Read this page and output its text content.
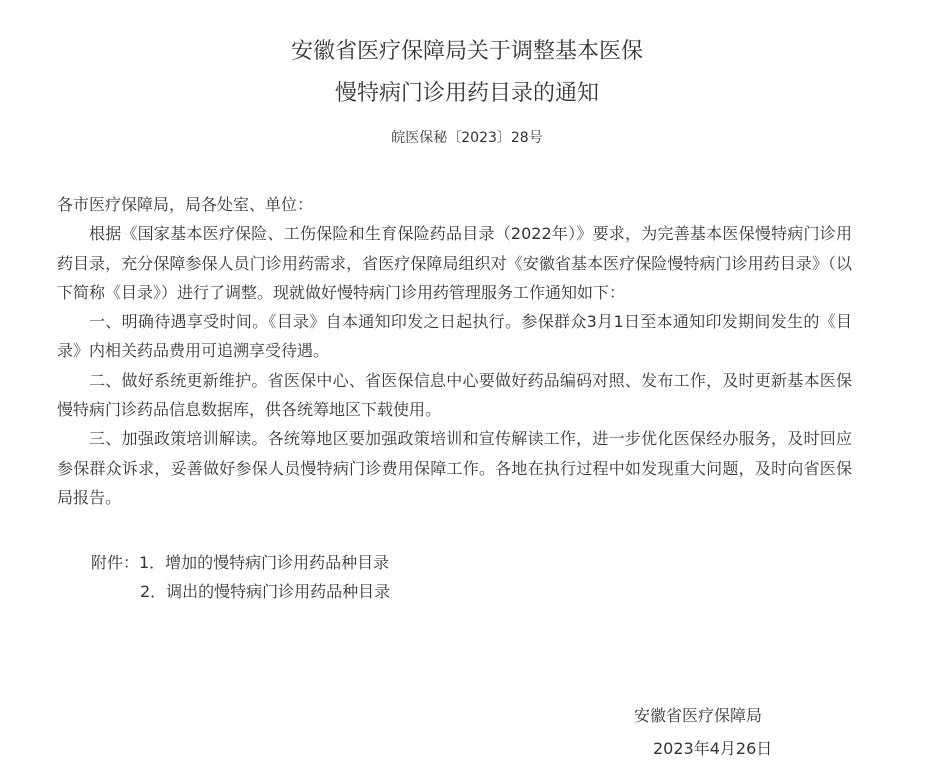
安徽省医疗保障局关于调整基本医保
慢特病门诊用药目录的通知
皖医保秘〔2023〕28号

各市医疗保障局，局各处室、单位：

根据《国家基本医疗保险、工伤保险和生育保险药品目录（2022年）》要求，为完善基本医保慢特病门诊用药目录，充分保障参保人员门诊用药需求，省医疗保障局组织对《安徽省基本医疗保险慢特病门诊用药目录》（以下简称《目录》）进行了调整。现就做好慢特病门诊用药管理服务工作通知如下：

一、明确待遇享受时间。《目录》自本通知印发之日起执行。参保群众3月1日至本通知印发期间发生的《目录》内相关药品费用可追溯享受待遇。

二、做好系统更新维护。省医保中心、省医保信息中心要做好药品编码对照、发布工作，及时更新基本医保慢特病门诊药品信息数据库，供各统筹地区下载使用。

三、加强政策培训解读。各统筹地区要加强政策培训和宣传解读工作，进一步优化医保经办服务，及时回应参保群众诉求，妥善做好参保人员慢特病门诊费用保障工作。各地在执行过程中如发现重大问题，及时向省医保局报告。

附件：1．增加的慢特病门诊用药品种目录
2．调出的慢特病门诊用药品种目录
安徽省医疗保障局
2023年4月26日
